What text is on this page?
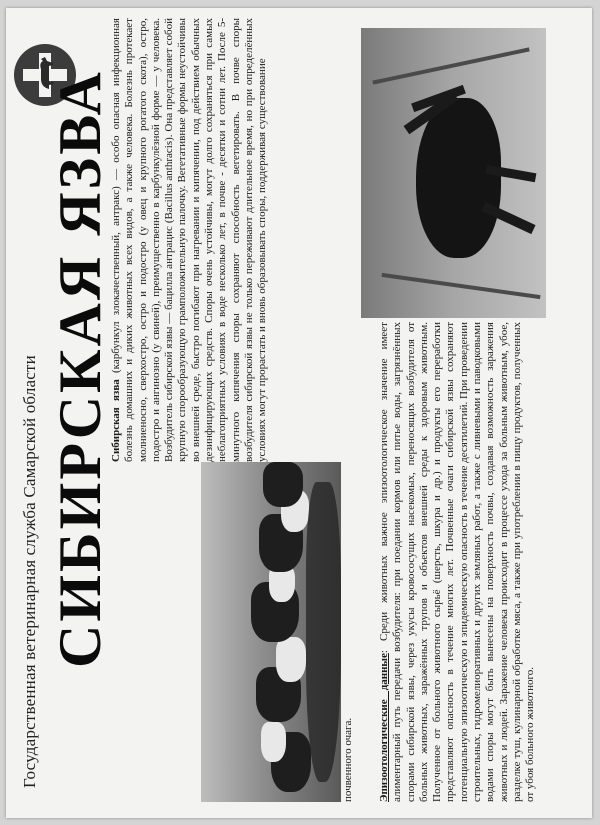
Государственная ветеринарная служба Самарской области СИБИРСКАЯ ЯЗВА
Сибирская язва (карбункул злокачественный, антракс) — особо опасная инфекционная болезнь домашних и диких животных всех видов, а также человека. Болезнь протекает молниеносно, сверхостро, остро и подостро (у овец и крупного рогатого скота), остро, подостро и ангинозно (у свиней), преимущественно в карбункулёзной форме — у человека. Возбудитель сибирской язвы — бацилла антрацис (Bacillus anthracis). Она представляет собой крупную спорообразующую грамположительную палочку. Вегетативные формы неустойчивы во внешней среде, быстро погибают при нагревании и кипячении, под действием обычных дезинфицирующих средств. Споры очень устойчивы, могут долго сохраняться при самых неблагоприятных условиях в воде несколько лет, в почве - десятки и сотни лет. После 5-минутного кипячения споры сохраняют способность вегетировать. В почве споры возбудителя сибирской язвы не только переживают длительное время, но при определённых условиях могут прорастать и вновь образовывать споры, поддерживая существование
почвенного очага. Эпизоотологические данные: Среди животных важное эпизоотологическое значение имеет алиментарный путь передачи возбудителя: при поедании кормов или питье воды, загрязнённых спорами сибирской язвы, через укусы кровососущих насекомых, переносящих возбудителя от больных животных, заражённых трупов и объектов внешней среды к здоровым животным. Полученное от больного животного сырьё (шерсть, шкура и др.) и продукты его переработки представляют опасность в течение многих лет. Почвенные очаги сибирской язвы сохраняют потенциальную эпизоотическую и эпидемическую опасность в течение десятилетий. При проведении строительных, гидромелиоративных и других земляных работ, а также с ливневыми и паводковыми водами споры могут быть вынесены на поверхность почвы, создавая возможность заражения животных и людей. Заражение человека происходит в процессе ухода за больным животным, убое, разделке туш, кулинарной обработке мяса, а также при употреблении в пищу продуктов, полученных от убоя больного животного.
